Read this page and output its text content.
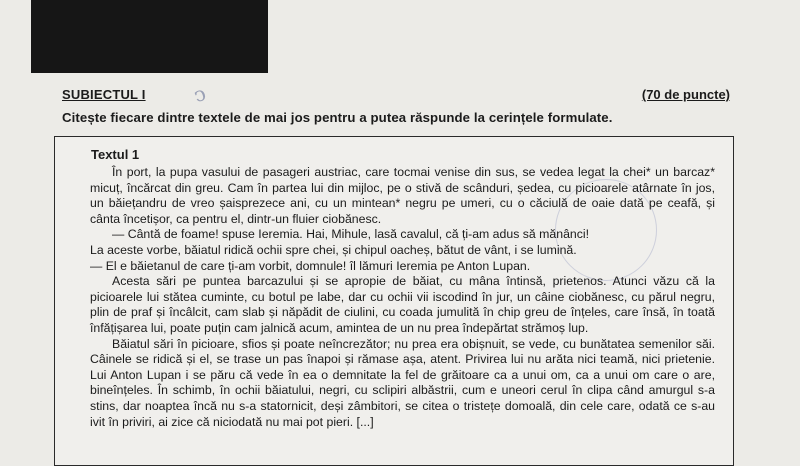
ↄ
SUBIECTUL I	(70 de puncte)
Citește fiecare dintre textele de mai jos pentru a putea răspunde la cerințele formulate.
Textul 1

În port, la pupa vasului de pasageri austriac, care tocmai venise din sus, se vedea legat la chei* un barcaz* micuț, încărcat din greu. Cam în partea lui din mijloc, pe o stivă de scânduri, ședea, cu picioarele atârnate în jos, un băiețandru de vreo șaisprezece ani, cu un mintean* negru pe umeri, cu o căciulă de oaie dată pe ceafă, și cânta încetișor, ca pentru el, dintr-un fluier ciobănesc.

— Cântă de foame! spuse Ieremia. Hai, Mihule, lasă cavalul, că ți-am adus să mănânci!

La aceste vorbe, băiatul ridică ochii spre chei, și chipul oacheș, bătut de vânt, i se lumină.

— El e băietanul de care ți-am vorbit, domnule! îl lămuri Ieremia pe Anton Lupan.

Acesta sări pe puntea barcazului și se apropie de băiat, cu mâna întinsă, prietenos. Atunci văzu că la picioarele lui stătea cuminte, cu botul pe labe, dar cu ochii vii iscodind în jur, un câine ciobănesc, cu părul negru, plin de praf și încâlcit, cam slab și năpădit de ciulini, cu coada jumulită în chip greu de înțeles, care însă, în toată înfățișarea lui, poate puțin cam jalnică acum, amintea de un nu prea îndepărtat strămoș lup.

Băiatul sări în picioare, sfios și poate neîncrezător; nu prea era obișnuit, se vede, cu bunătatea semenilor săi. Câinele se ridică și el, se trase un pas înapoi și rămase așa, atent. Privirea lui nu arăta nici teamă, nici prietenie. Lui Anton Lupan i se păru că vede în ea o demnitate la fel de grăitoare ca a unui om, ca a unui om care o are, bineînțeles. În schimb, în ochii băiatului, negri, cu sclipiri albăstrii, cum e uneori cerul în clipa când amurgul s-a stins, dar noaptea încă nu s-a statornicit, deși zâmbitori, se citea o tristețe domoală, din cele care, odată ce s-au ivit în priviri, ai zice că niciodată nu mai pot pieri. [...]
